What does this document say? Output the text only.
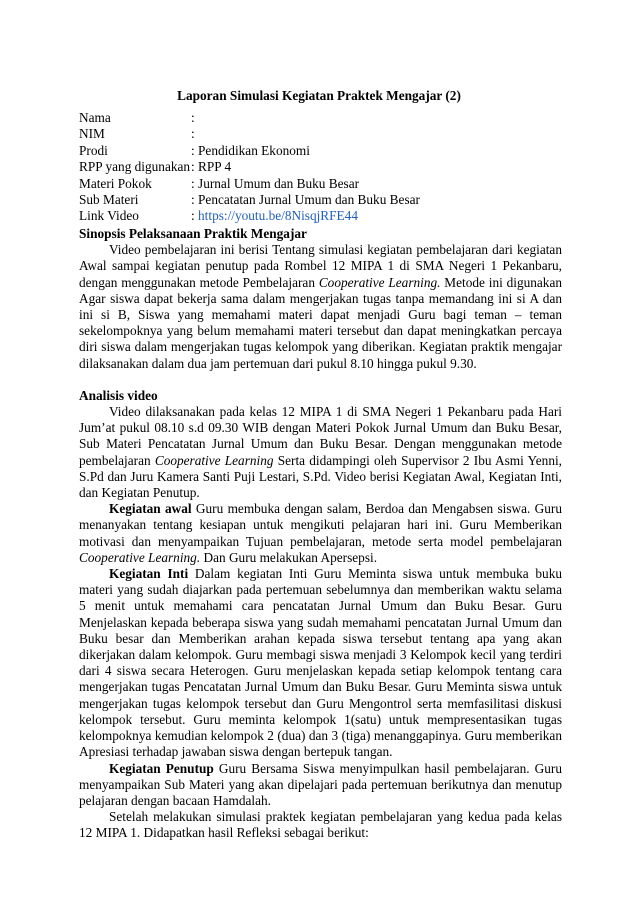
Laporan Simulasi Kegiatan Praktek Mengajar (2)
Nama	:
NIM	:
Prodi	: Pendidikan Ekonomi
RPP yang digunakan : RPP 4
Materi Pokok	: Jurnal Umum dan Buku Besar
Sub Materi	: Pencatatan Jurnal Umum dan Buku Besar
Link Video	: https://youtu.be/8NisqjRFE44

Sinopsis Pelaksanaan Praktik Mengajar

Video pembelajaran ini berisi Tentang simulasi kegiatan pembelajaran dari kegiatan Awal sampai kegiatan penutup pada Rombel 12 MIPA 1 di SMA Negeri 1 Pekanbaru, dengan menggunakan metode Pembelajaran Cooperative Learning. Metode ini digunakan Agar siswa dapat bekerja sama dalam mengerjakan tugas tanpa memandang ini si A dan ini si B, Siswa yang memahami materi dapat menjadi Guru bagi teman – teman sekelompoknya yang belum memahami materi tersebut dan dapat meningkatkan percaya diri siswa dalam mengerjakan tugas kelompok yang diberikan. Kegiatan praktik mengajar dilaksanakan dalam dua jam pertemuan dari pukul 8.10 hingga pukul 9.30.

Analisis video

Video dilaksanakan pada kelas 12 MIPA 1 di SMA Negeri 1 Pekanbaru pada Hari Jum’at pukul 08.10 s.d 09.30 WIB dengan Materi Pokok Jurnal Umum dan Buku Besar, Sub Materi Pencatatan Jurnal Umum dan Buku Besar. Dengan menggunakan metode pembelajaran Cooperative Learning Serta didampingi oleh Supervisor 2 Ibu Asmi Yenni, S.Pd dan Juru Kamera Santi Puji Lestari, S.Pd. Video berisi Kegiatan Awal, Kegiatan Inti, dan Kegiatan Penutup.

Kegiatan awal Guru membuka dengan salam, Berdoa dan Mengabsen siswa. Guru menanyakan tentang kesiapan untuk mengikuti pelajaran hari ini. Guru Memberikan motivasi dan menyampaikan Tujuan pembelajaran, metode serta model pembelajaran Cooperative Learning. Dan Guru melakukan Apersepsi.

Kegiatan Inti Dalam kegiatan Inti Guru Meminta siswa untuk membuka buku materi yang sudah diajarkan pada pertemuan sebelumnya dan memberikan waktu selama 5 menit untuk memahami cara pencatatan Jurnal Umum dan Buku Besar. Guru Menjelaskan kepada beberapa siswa yang sudah memahami pencatatan Jurnal Umum dan Buku besar dan Memberikan arahan kepada siswa tersebut tentang apa yang akan dikerjakan dalam kelompok. Guru membagi siswa menjadi 3 Kelompok kecil yang terdiri dari 4 siswa secara Heterogen. Guru menjelaskan kepada setiap kelompok tentang cara mengerjakan tugas Pencatatan Jurnal Umum dan Buku Besar. Guru Meminta siswa untuk mengerjakan tugas kelompok tersebut dan Guru Mengontrol serta memfasilitasi diskusi kelompok tersebut. Guru meminta kelompok 1(satu) untuk mempresentasikan tugas kelompoknya kemudian kelompok 2 (dua) dan 3 (tiga) menanggapinya. Guru memberikan Apresiasi terhadap jawaban siswa dengan bertepuk tangan.

Kegiatan Penutup Guru Bersama Siswa menyimpulkan hasil pembelajaran. Guru menyampaikan Sub Materi yang akan dipelajari pada pertemuan berikutnya dan menutup pelajaran dengan bacaan Hamdalah.

Setelah melakukan simulasi praktek kegiatan pembelajaran yang kedua pada kelas 12 MIPA 1. Didapatkan hasil Refleksi sebagai berikut:
